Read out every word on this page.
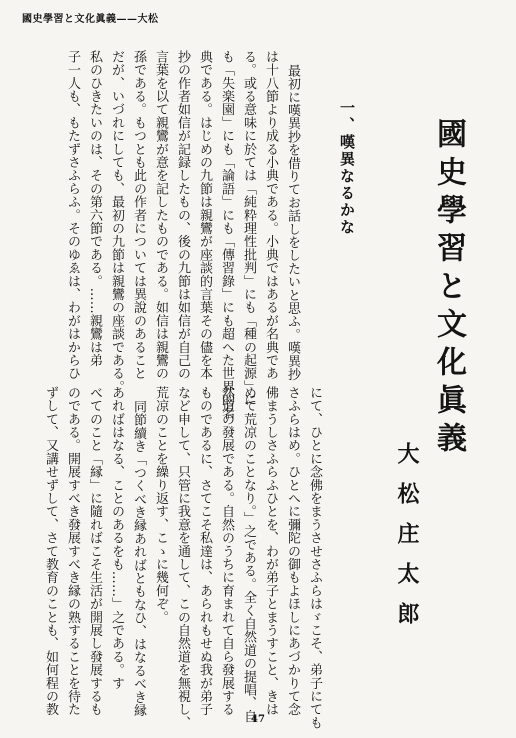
國史學習と文化眞義——大松
子一人も、もたずさふらふ。そのゆゑは、わがはからひ 私のひきたいのは、その第六節である。……親鸞は弟 だが、いづれにしても、最初の九節は親鸞の座談である。 孫である。もつとも此の作者については異說のあること 言葉を以て親鸞が意を記したものである。如信は親鸞の 抄の作者如信が記録したもの、後の九節は如信が自己の 典である。はじめの九節は親鸞が座談的言葉その儘を本 も「失楽園」にも「論語」にも「傳習錄」にも超へた世界的名 る。或る意味に於ては「純粋理性批判」にも「種の起源」に は十八節より成る小典である。小典ではあるが名典であ 最初に嘆異抄を借りてお話しをしたいと思ふ。嘆異抄	一、嘆異なるかな	國史學習と文化眞義
ずして、又講せずして、さて教育のことも、如何程の教 のである。開展すべき發展すべき縁の熟することを待た べてのこと「縁」に隨ればこそ生活が開展し發展するも あればはなる、ことのあるをも……」之である。す 同節續き「つくべき縁あればともなひ、はなるべき縁 荒凉のことを繰り返す、こゝに幾何ぞ。 など申して、只管に我意を通して、この自然道を無視し、 ものであるに、さてこそ私達は、あられもせぬ我が弟子 然道の發展である。自然のうちに育まれて自ら發展する めて荒凉のことなり。」之である。全く自然道の提唱、自 佛まうしさふらふひとを、わが弟子とまうすこと、きは さふらはめ。ひとへに彌陀の御もよほしにあづかりて念 にて、ひとに念佛をまうさせさふらはゞこそ、弟子にても	大松庄太郎
47
